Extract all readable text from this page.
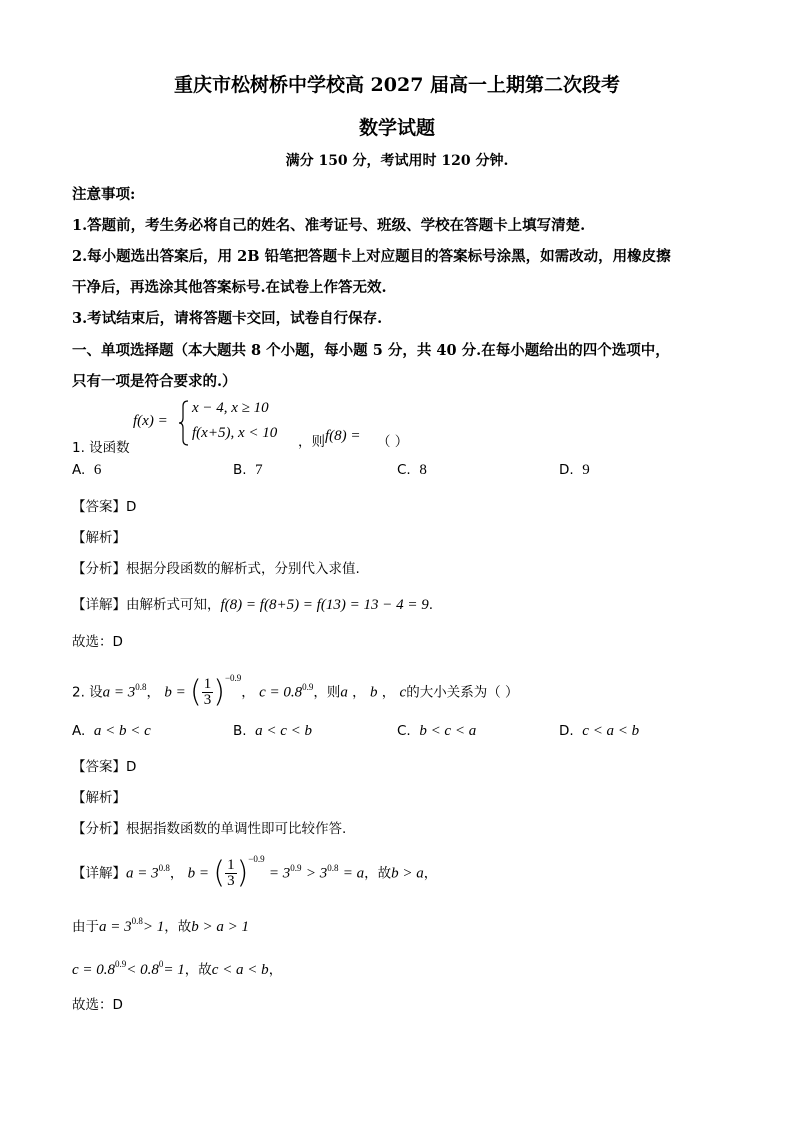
重庆市松树桥中学校高 2027 届高一上期第二次段考
数学试题
满分 150 分，考试用时 120 分钟.
注意事项:
1.答题前，考生务必将自己的姓名、准考证号、班级、学校在答题卡上填写清楚.
2.每小题选出答案后，用 2B 铅笔把答题卡上对应题目的答案标号涂黑，如需改动，用橡皮擦
干净后，再选涂其他答案标号.在试卷上作答无效.
3.考试结束后，请将答题卡交回，试卷自行保存.
一、单项选择题（本大题共 8 个小题，每小题 5 分，共 40 分.在每小题给出的四个选项中，
只有一项是符合要求的.）
1. 设函数
f(x) =
x − 4, x ≥ 10
f(x+5), x < 10
，则 f(8) = （ ）
A. 6	B. 7	C. 8	D. 9
【答案】D
【解析】
【分析】根据分段函数的解析式，分别代入求值.
【详解】由解析式可知，f(8) = f(8+5) = f(13) = 13 − 4 = 9.
故选：D
2. 设$a = 3^{0.8}$， b = ( $\frac{1}{3} )^{-0.9}$， $c = 0.8^{0.9}$，则a ， b ， c的大小关系为（ ）
A. a < b < c	B. a < c < b	C. b < c < a	D. c < a < b
【答案】D
【解析】
【分析】根据指数函数的单调性即可比较作答.
【详解】$a = 3^{0.8}$， b = ( $\frac{1}{3} )^{-0.9} = 3^{0.9} > 3^{0.8} = a$，故b > a，
由于$a = 3^{0.8}> 1$，故b > a > 1
$c = 0.8^{0.9}< 0.8^0= 1$，故c < a < b，
故选：D
